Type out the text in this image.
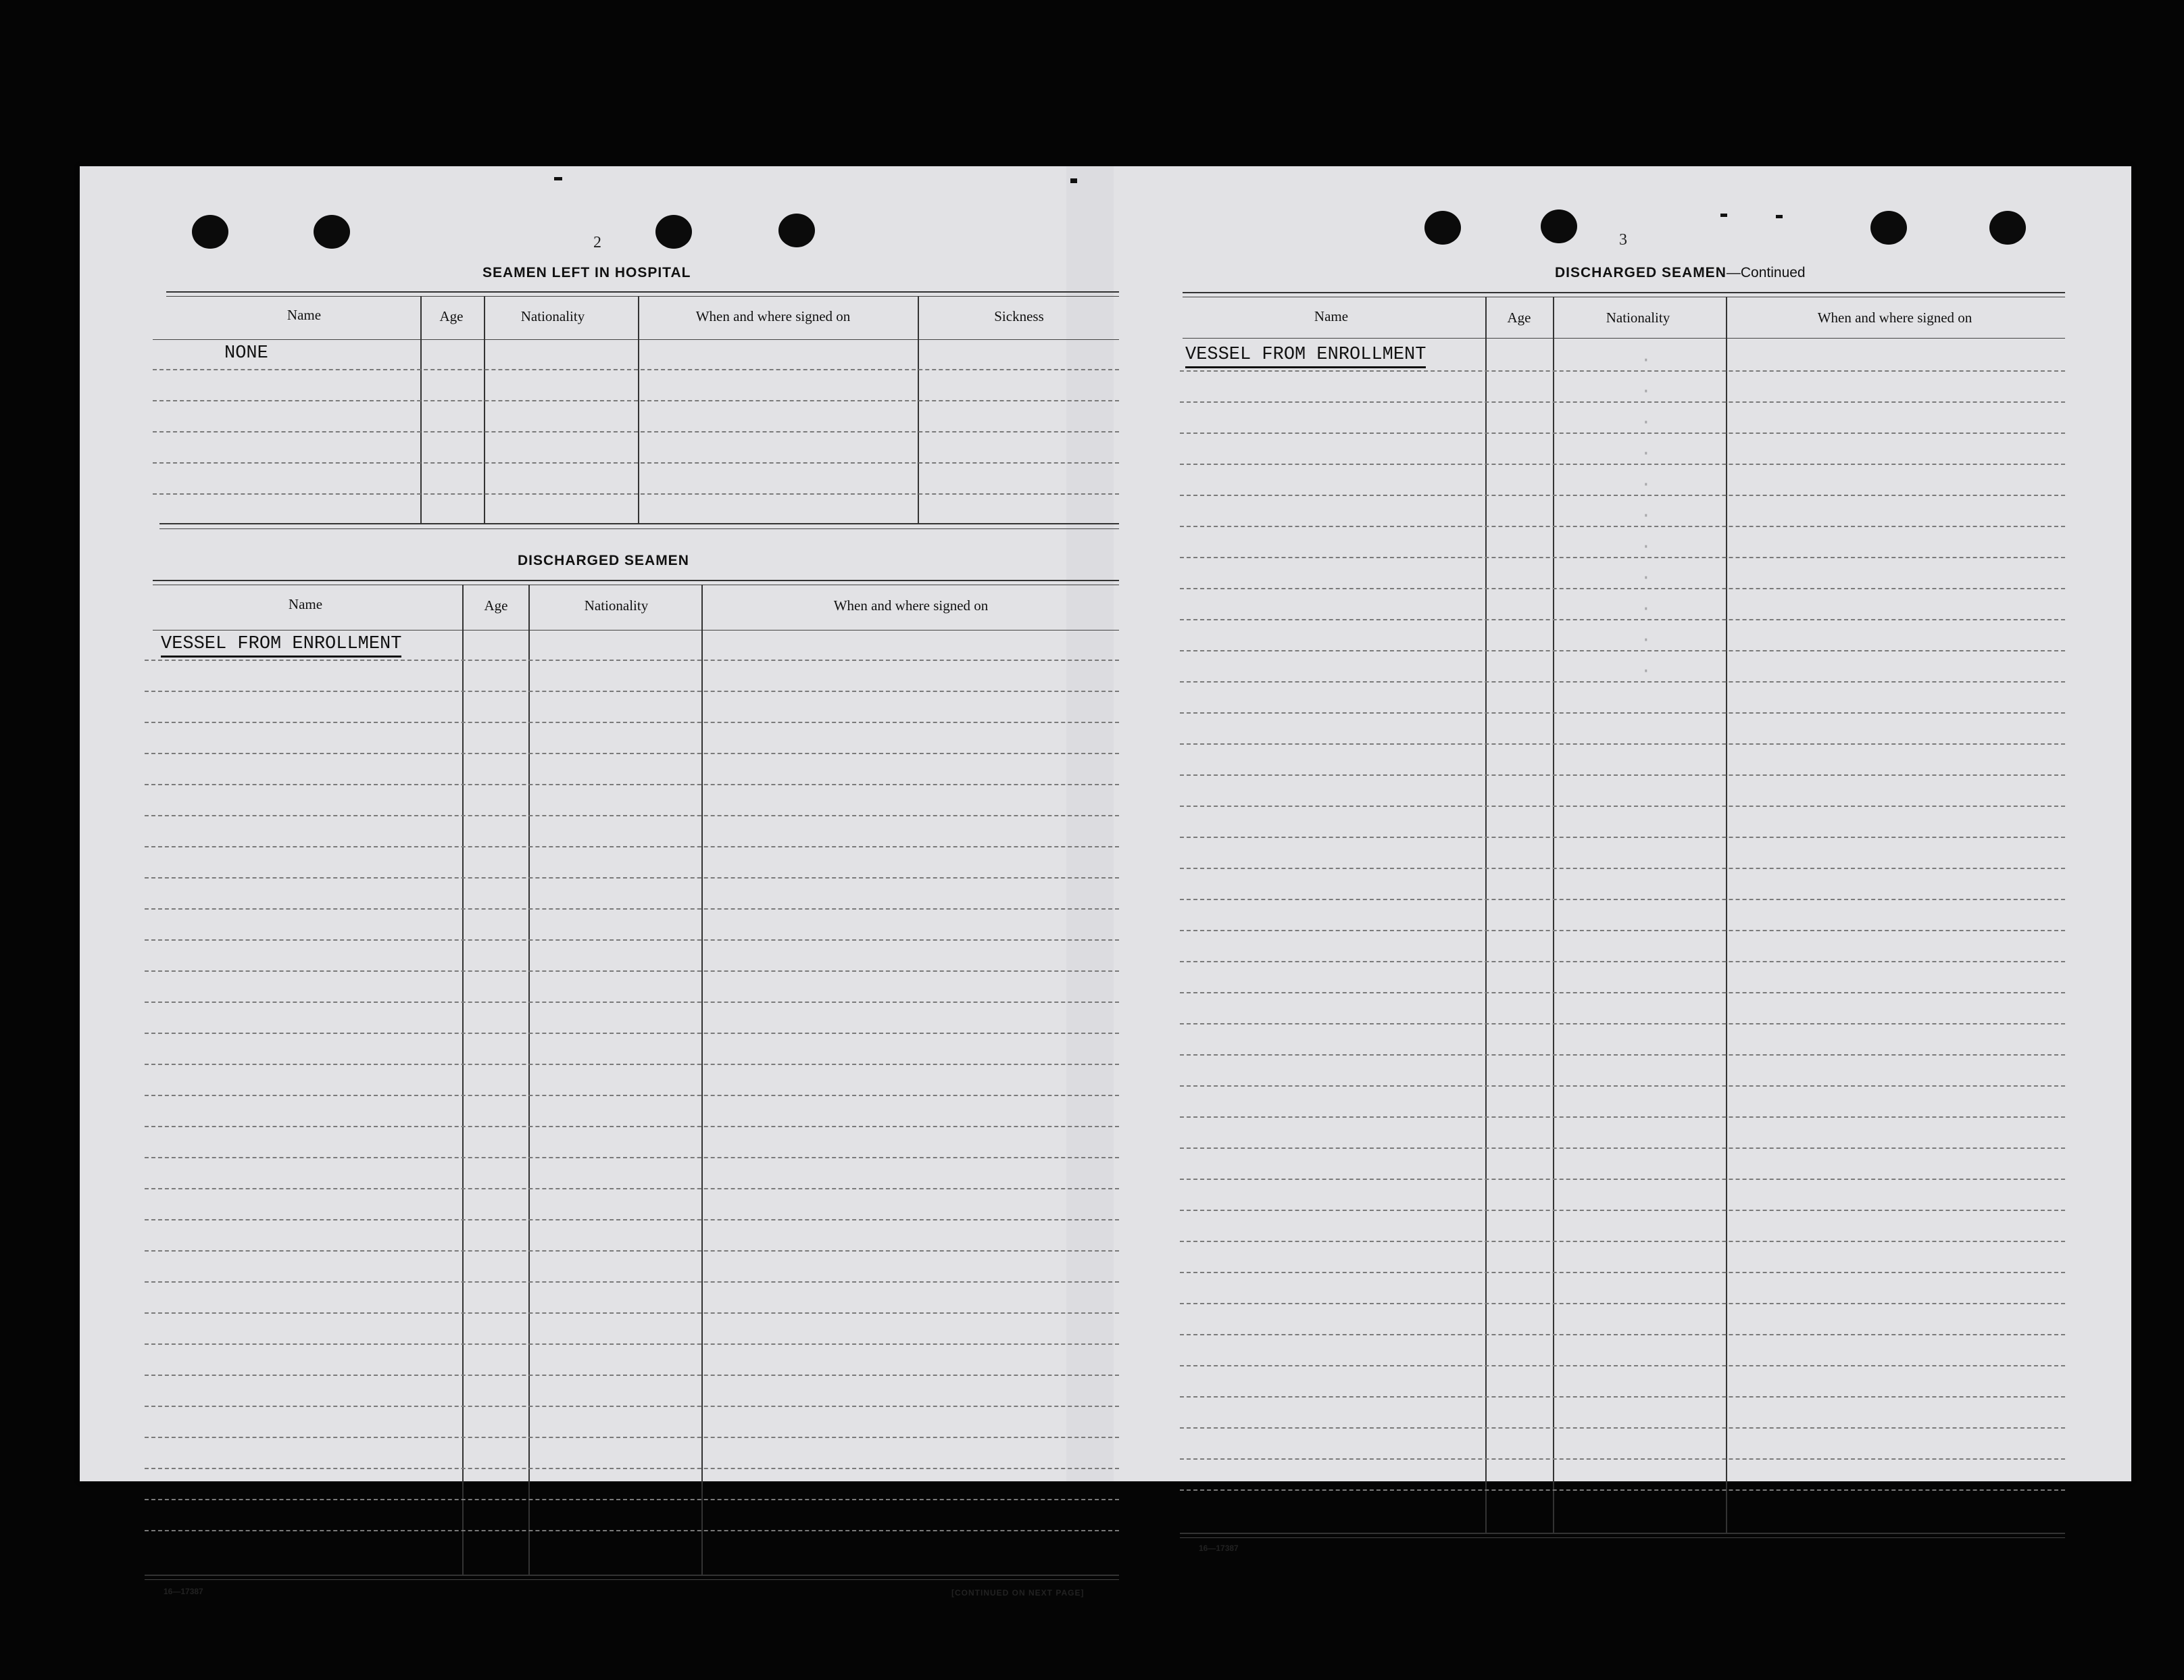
2
SEAMEN LEFT IN HOSPITAL
Name	Age	Nationality	When and where signed on	Sickness
NONE
DISCHARGED SEAMEN
Name	Age	Nationality	When and where signed on
VESSEL FROM ENROLLMENT
16—17387	[CONTINUED ON NEXT PAGE]
3
DISCHARGED SEAMEN—Continued
Name	Age	Nationality	When and where signed on
VESSEL FROM ENROLLMENT	·
·
·
·
·
·
·
·
·
·
·
16—17387
